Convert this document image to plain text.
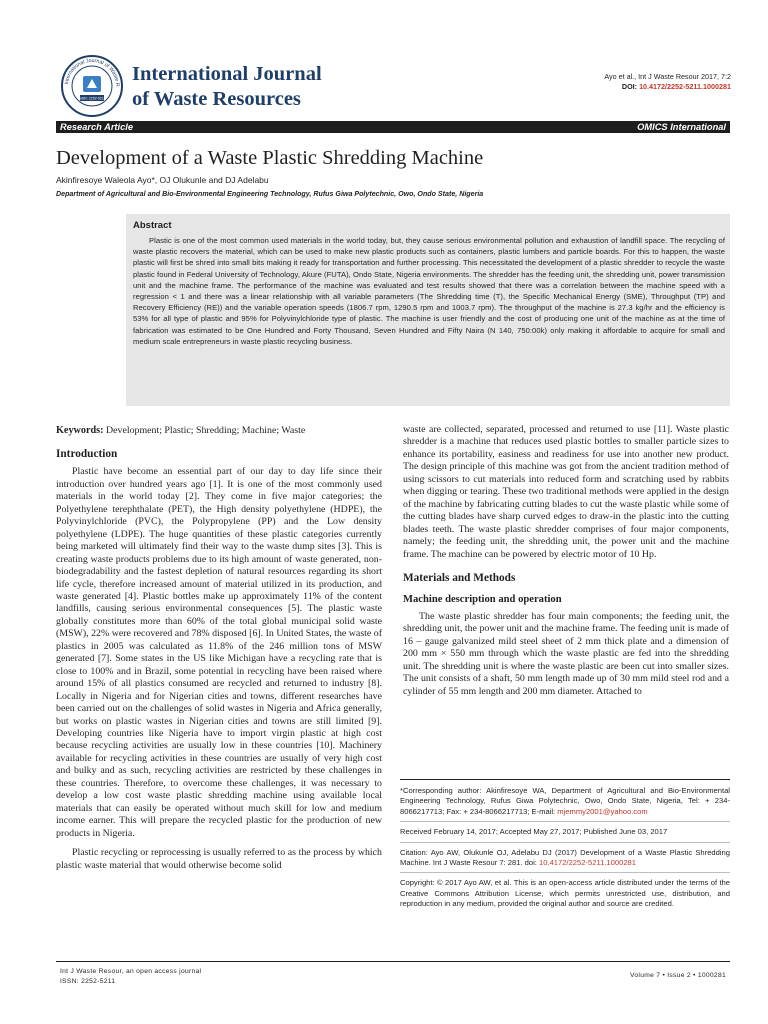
International Journal of Waste R
ISSN: 2252-5211
International Journal
of Waste Resources
Ayo et al., Int J Waste Resour 2017, 7:2
DOI: 10.4172/2252-5211.1000281
Research Article	OMICS International
Development of a Waste Plastic Shredding Machine
Akinfiresoye Waleola Ayo*, OJ Olukunle and DJ Adelabu
Department of Agricultural and Bio-Environmental Engineering Technology, Rufus Giwa Polytechnic, Owo, Ondo State, Nigeria
Abstract
Plastic is one of the most common used materials in the world today, but, they cause serious environmental pollution and exhaustion of landfill space. The recycling of waste plastic recovers the material, which can be used to make new plastic products such as containers, plastic lumbers and particle boards. For this to happen, the waste plastic will first be shred into small bits making it ready for transportation and further processing. This necessitated the development of a plastic shredder to recycle the waste plastic found in Federal University of Technology, Akure (FUTA), Ondo State, Nigeria environments. The shredder has the feeding unit, the shredding unit, power transmission unit and the machine frame. The performance of the machine was evaluated and test results showed that there was a correlation between the machine speed with a regression < 1 and there was a linear relationship with all variable parameters (The Shredding time (T), the Specific Mechanical Energy (SME), Throughput (TP) and Recovery Efficiency (RE)) and the variable operation speeds (1806.7 rpm, 1290.5 rpm and 1003.7 rpm). The throughput of the machine is 27.3 kg/hr and the efficiency is 53% for all type of plastic and 95% for Polyvinylchloride type of plastic. The machine is user friendly and the cost of producing one unit of the machine as at the time of fabrication was estimated to be One Hundred and Forty Thousand, Seven Hundred and Fifty Naira (N 140, 750:00k) only making it affordable to acquire for small and medium scale entrepreneurs in waste plastic recycling business.

Keywords: Development; Plastic; Shredding; Machine; Waste

Introduction

Plastic have become an essential part of our day to day life since their introduction over hundred years ago [1]. It is one of the most commonly used materials in the world today [2]. They come in five major categories; the Polyethylene terephthalate (PET), the High density polyethylene (HDPE), the Polyvinylchloride (PVC), the Polypropylene (PP) and the Low density polyethylene (LDPE). The huge quantities of these plastic categories currently being marketed will ultimately find their way to the waste dump sites [3]. This is creating waste products problems due to its high amount of waste generated, non-biodegradability and the fastest depletion of natural resources regarding its short life cycle, therefore increased amount of material utilized in its production, and waste generated [4]. Plastic bottles make up approximately 11% of the content landfills, causing serious environmental consequences [5]. The plastic waste globally constitutes more than 60% of the total global municipal solid waste (MSW), 22% were recovered and 78% disposed [6]. In United States, the waste of plastics in 2005 was calculated as 11.8% of the 246 million tons of MSW generated [7]. Some states in the US like Michigan have a recycling rate that is close to 100% and in Brazil, some potential in recycling have been raised where around 15% of all plastics consumed are recycled and returned to industry [8]. Locally in Nigeria and for Nigerian cities and towns, different researches have been carried out on the challenges of solid wastes in Nigeria and Africa generally, but works on plastic wastes in Nigerian cities and towns are still limited [9]. Developing countries like Nigeria have to import virgin plastic at high cost because recycling activities are usually low in these countries [10]. Machinery available for recycling activities in these countries are usually of very high cost and bulky and as such, recycling activities are restricted by these challenges in these countries. Therefore, to overcome these challenges, it was necessary to develop a low cost waste plastic shredding machine using available local materials that can easily be operated without much skill for low and medium income earner. This will prepare the recycled plastic for the production of new products in Nigeria.

Plastic recycling or reprocessing is usually referred to as the process by which plastic waste material that would otherwise become solid

waste are collected, separated, processed and returned to use [11]. Waste plastic shredder is a machine that reduces used plastic bottles to smaller particle sizes to enhance its portability, easiness and readiness for use into another new product. The design principle of this machine was got from the ancient tradition method of using scissors to cut materials into reduced form and scratching used by rabbits when digging or tearing. These two traditional methods were applied in the design of the machine by fabricating cutting blades to cut the waste plastic while some of the cutting blades have sharp curved edges to draw-in the plastic into the cutting blades teeth. The waste plastic shredder comprises of four major components, namely; the feeding unit, the shredding unit, the power unit and the machine frame. The machine can be powered by electric motor of 10 Hp.

Materials and Methods
Machine description and operation

The waste plastic shredder has four main components; the feeding unit, the shredding unit, the power unit and the machine frame. The feeding unit is made of 16 – gauge galvanized mild steel sheet of 2 mm thick plate and a dimension of 200 mm × 550 mm through which the waste plastic are fed into the shredding unit. The shredding unit is where the waste plastic are been cut into smaller sizes. The unit consists of a shaft, 50 mm length made up of 30 mm mild steel rod and a cylinder of 55 mm length and 200 mm diameter. Attached to

*Corresponding author: Akinfiresoye WA, Department of Agricultural and Bio-Environmental Engineering Technology, Rufus Giwa Polytechnic, Owo, Ondo State, Nigeria, Tel: + 234-8066217713; Fax: + 234-8066217713; E-mail: mjemmy2001@yahoo.com
Received February 14, 2017; Accepted May 27, 2017; Published June 03, 2017
Citation: Ayo AW, Olukunle OJ, Adelabu DJ (2017) Development of a Waste Plastic Shredding Machine. Int J Waste Resour 7: 281. doi: 10.4172/2252-5211.1000281
Copyright: © 2017 Ayo AW, et al. This is an open-access article distributed under the terms of the Creative Commons Attribution License, which permits unrestricted use, distribution, and reproduction in any medium, provided the original author and source are credited.
Int J Waste Resour, an open access journal
ISSN: 2252-5211
Volume 7 • Issue 2 • 1000281
